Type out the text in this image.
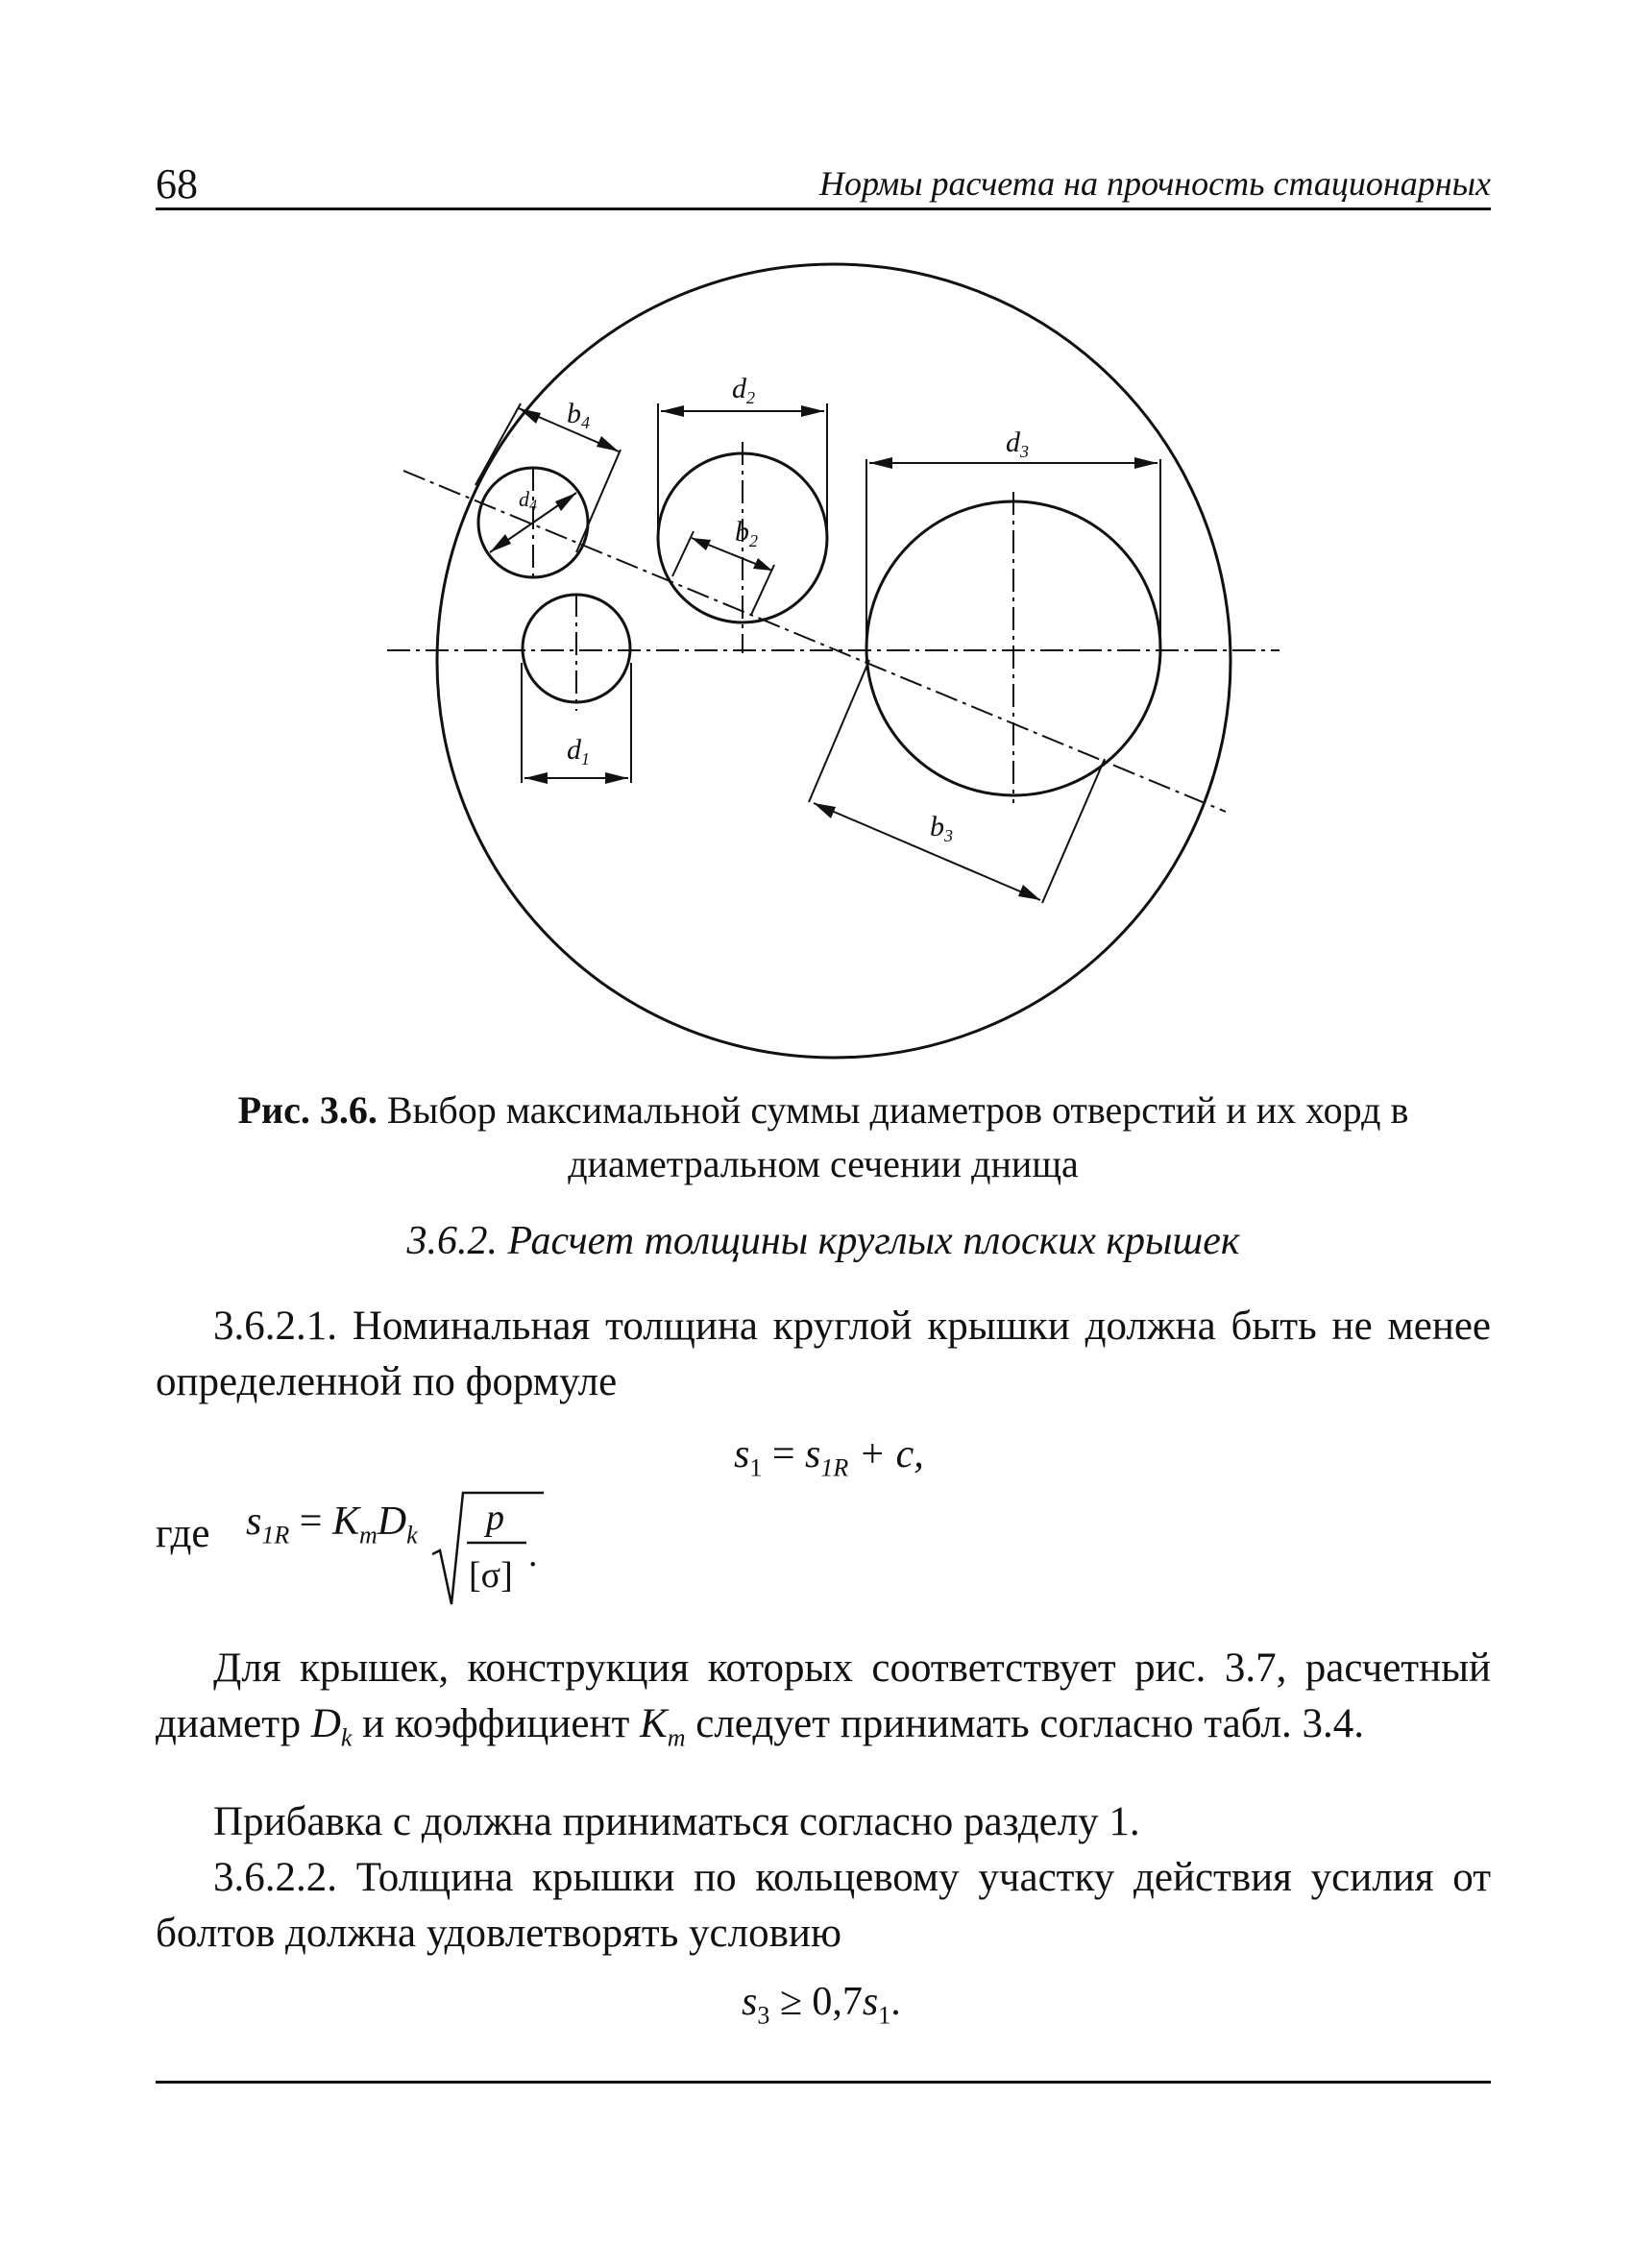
68	Нормы расчета на прочность стационарных
$d_2$
$d_3$
$d_1$
d4
$b_4$
$b_2$
$b_3$
Рис. 3.6. Выбор максимальной суммы диаметров отверстий и их хорд в диаметральном сечении днища
3.6.2. Расчет толщины круглых плоских крышек

3.6.2.1. Номинальная толщина круглой крышки должна быть не менее определенной по формуле

$s_1 = s_{1R} + c$,
где $s_{1R} = K_mD_k$ p
[σ]
.

Для крышек, конструкция которых соответствует рис. 3.7, расчетный диаметр $D_k$ и коэффициент $K_m$ следует принимать согласно табл. 3.4.

Прибавка с должна приниматься согласно разделу 1.

3.6.2.2. Толщина крышки по кольцевому участку действия усилия от болтов должна удовлетворять условию

$s_3 \ge 0,7s_1$.
